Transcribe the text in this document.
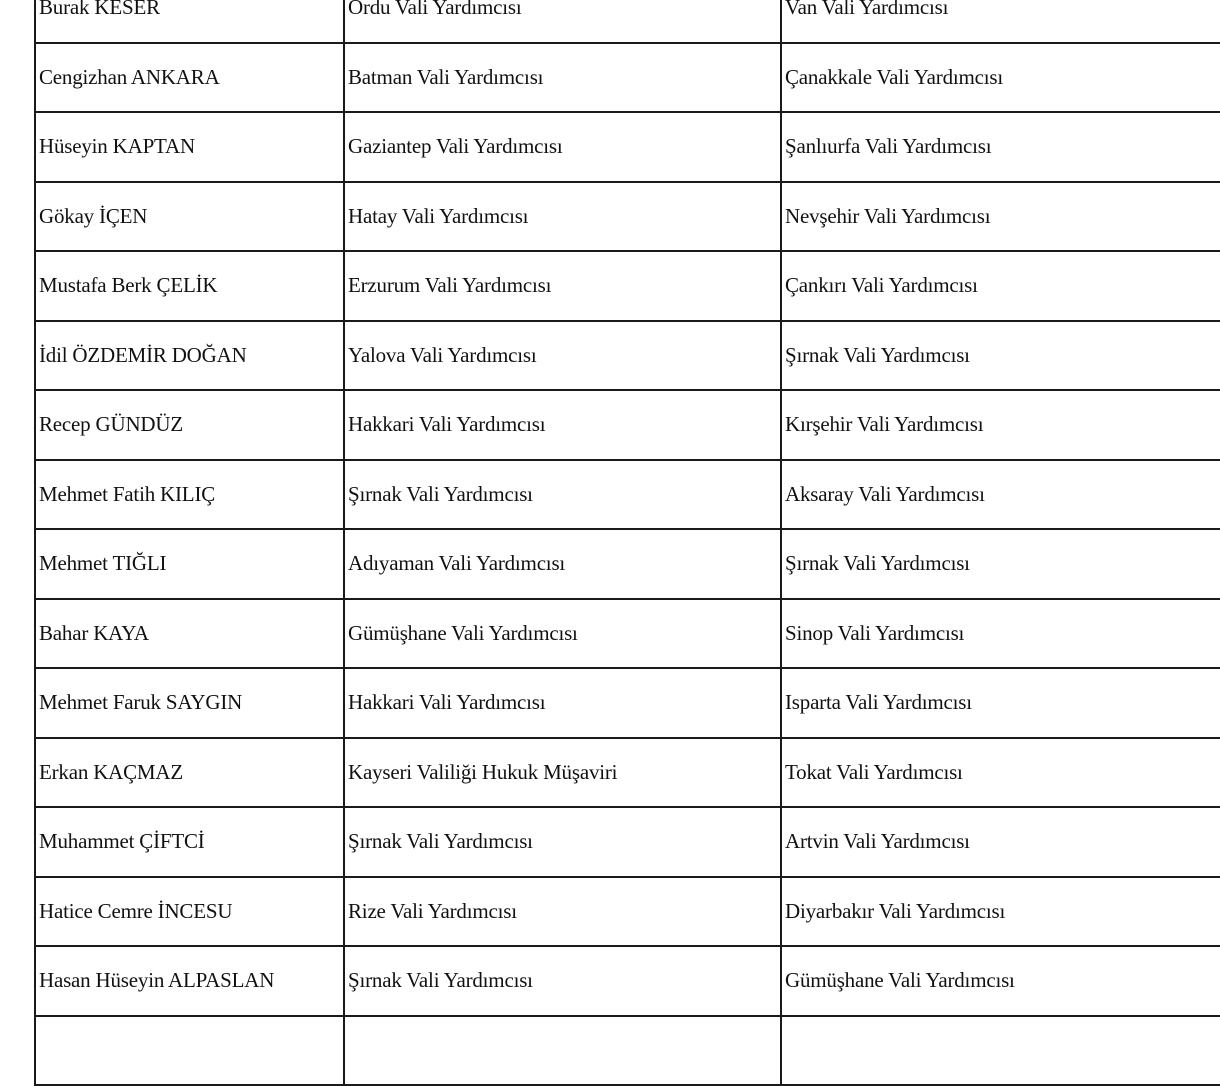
Burak KESER	Ordu Vali Yardımcısı	Van Vali Yardımcısı
Cengizhan ANKARA	Batman Vali Yardımcısı	Çanakkale Vali Yardımcısı
Hüseyin KAPTAN	Gaziantep Vali Yardımcısı	Şanlıurfa Vali Yardımcısı
Gökay İÇEN	Hatay Vali Yardımcısı	Nevşehir Vali Yardımcısı
Mustafa Berk ÇELİK	Erzurum Vali Yardımcısı	Çankırı Vali Yardımcısı
İdil ÖZDEMİR DOĞAN	Yalova Vali Yardımcısı	Şırnak Vali Yardımcısı
Recep GÜNDÜZ	Hakkari Vali Yardımcısı	Kırşehir Vali Yardımcısı
Mehmet Fatih KILIÇ	Şırnak Vali Yardımcısı	Aksaray Vali Yardımcısı
Mehmet TIĞLI	Adıyaman Vali Yardımcısı	Şırnak Vali Yardımcısı
Bahar KAYA	Gümüşhane Vali Yardımcısı	Sinop Vali Yardımcısı
Mehmet Faruk SAYGIN	Hakkari Vali Yardımcısı	Isparta Vali Yardımcısı
Erkan KAÇMAZ	Kayseri Valiliği Hukuk Müşaviri	Tokat Vali Yardımcısı
Muhammet ÇİFTCİ	Şırnak Vali Yardımcısı	Artvin Vali Yardımcısı
Hatice Cemre İNCESU	Rize Vali Yardımcısı	Diyarbakır Vali Yardımcısı
Hasan Hüseyin ALPASLAN	Şırnak Vali Yardımcısı	Gümüşhane Vali Yardımcısı
